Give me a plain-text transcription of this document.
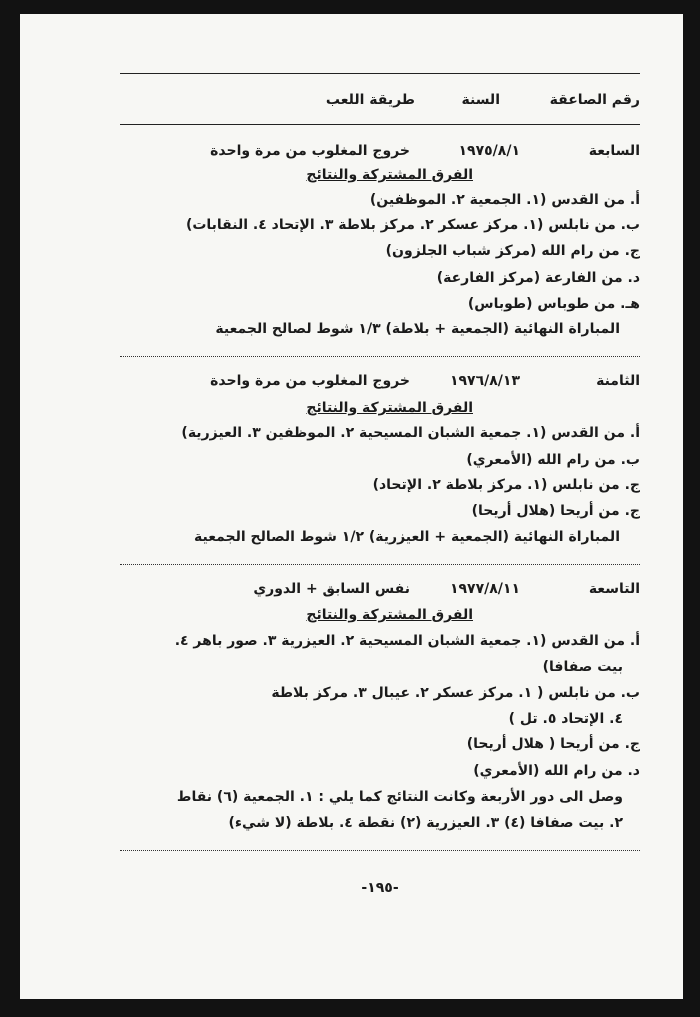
رقم الصاعقة
السنة
طريقة اللعب
السابعة
١٩٧٥/٨/١
خروج المغلوب من مرة واحدة
الفرق المشتركة والنتائج
أ. من القدس (١. الجمعية ٢. الموظفين)
ب. من نابلس (١. مركز عسكر ٢. مركز بلاطة ٣. الإتحاد ٤. النقابات)
ج. من رام الله (مركز شباب الجلزون)
د. من الفارعة (مركز الفارعة)
هـ. من طوباس (طوباس)
المباراة النهائية (الجمعية + بلاطة) ١/٣ شوط لصالح الجمعية
الثامنة
١٩٧٦/٨/١٣
خروج المغلوب من مرة واحدة
الفرق المشتركة والنتائج
أ. من القدس (١. جمعية الشبان المسيحية ٢. الموظفين ٣. العيزرية)
ب. من رام الله (الأمعري)
ج. من نابلس (١. مركز بلاطة ٢. الإتحاد)
ج. من أريحا (هلال أريحا)
المباراة النهائية (الجمعية + العيزرية) ١/٢ شوط الصالح الجمعية
التاسعة
١٩٧٧/٨/١١
نفس السابق + الدوري
الفرق المشتركة والنتائج
أ. من القدس (١. جمعية الشبان المسيحية ٢. العيزرية ٣. صور باهر ٤.
بيت صفافا)
ب. من نابلس ( ١. مركز عسكر ٢. عيبال ٣. مركز بلاطة
٤. الإتحاد ٥. تل )
ج. من أريحا ( هلال أريحا)
د. من رام الله (الأمعري)
وصل الى دور الأربعة وكانت النتائج كما يلي : ١. الجمعية (٦) نقاط
٢. بيت صفافا (٤) ٣. العيزرية (٢) نقطة ٤. بلاطة (لا شيء)
-١٩٥-
